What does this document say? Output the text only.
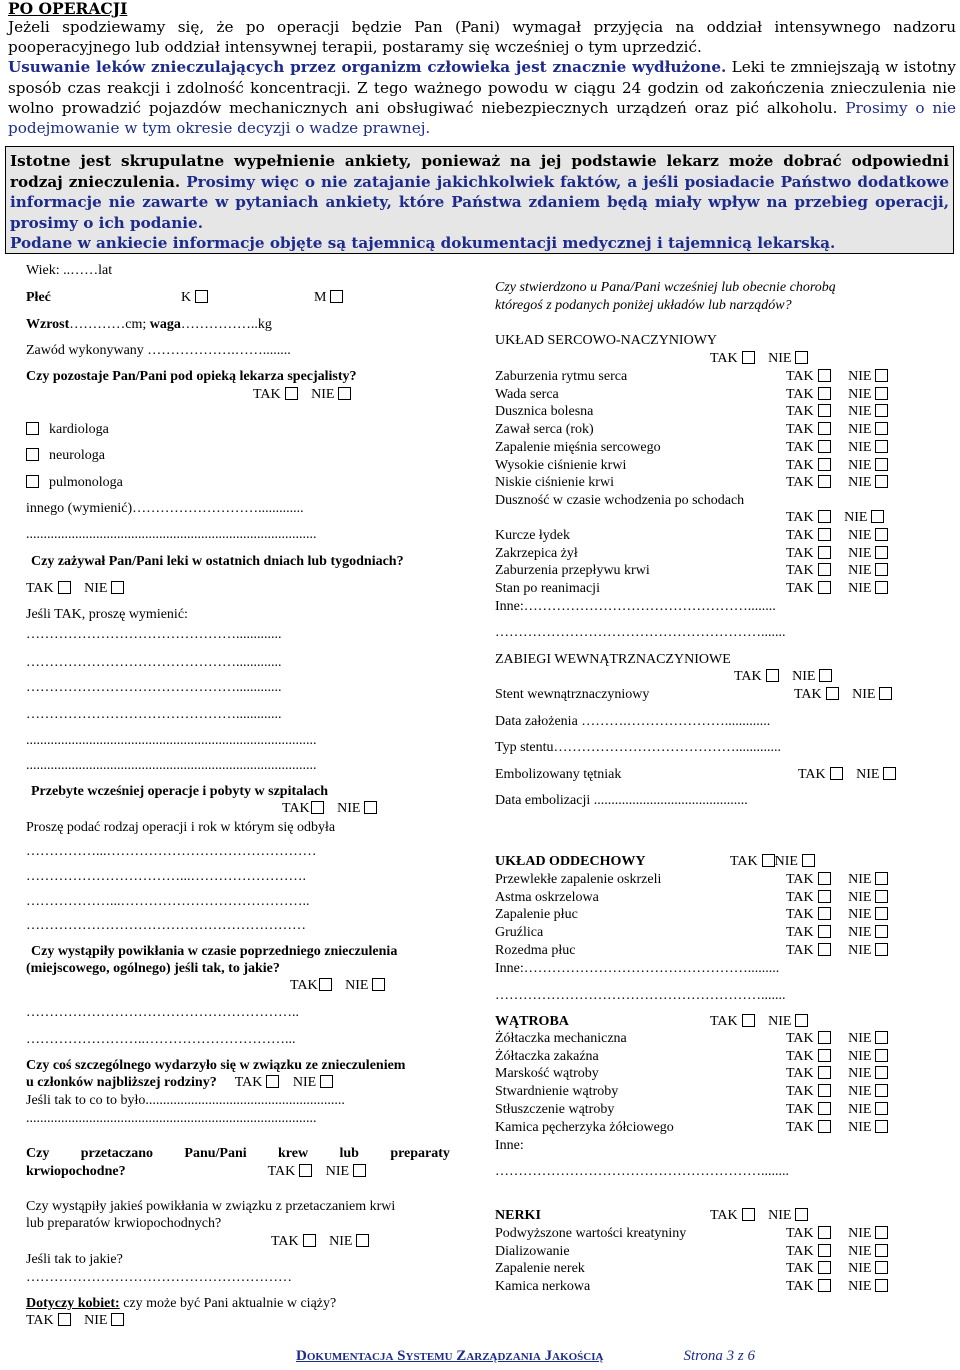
PO OPERACJI

Jeżeli spodziewamy się, że po operacji będzie Pan (Pani) wymagał przyjęcia na oddział intensywnego nadzoru pooperacyjnego lub oddział intensywnej terapii, postaramy się wcześniej o tym uprzedzić.

Usuwanie leków znieczulających przez organizm człowieka jest znacznie wydłużone. Leki te zmniejszają w istotny sposób czas reakcji i zdolność koncentracji. Z tego ważnego powodu w ciągu 24 godzin od zakończenia znieczulenia nie wolno prowadzić pojazdów mechanicznych ani obsługiwać niebezpiecznych urządzeń oraz pić alkoholu. Prosimy o nie podejmowanie w tym okresie decyzji o wadze prawnej.

Istotne jest skrupulatne wypełnienie ankiety, ponieważ na jej podstawie lekarz może dobrać odpowiedni rodzaj znieczulenia. Prosimy więc o nie zatajanie jakichkolwiek faktów, a jeśli posiadacie Państwo dodatkowe informacje nie zawarte w pytaniach ankiety, które Państwa zdaniem będą miały wpływ na przebieg operacji, prosimy o ich podanie.
Podane w ankiecie informacje objęte są tajemnicą dokumentacji medycznej i tajemnicą lekarską.
Wiek: ..……lat
Płeć	K	M
Wzrost…………cm; waga……………..kg
Zawód wykonywany ……………….……........
Czy pozostaje Pan/Pani pod opieką lekarza specjalisty?
TAK NIE
kardiologa
neurologa
pulmonologa
innego (wymienić)……………………….............
...................................................................................
Czy zażywał Pan/Pani leki w ostatnich dniach lub tygodniach?
TAK NIE
Jeśli TAK, proszę wymienić:
……………………………………….............
……………………………………….............
……………………………………….............
……………………………………….............
...................................................................................
...................................................................................
Przebyte wcześniej operacje i pobyty w szpitalach
TAK NIE
Proszę podać rodzaj operacji i rok w którym się odbyła
……………...………………………………………
……………………………...…………………….
………………...…………………………………..
……………………………………………………
Czy wystąpiły powikłania w czasie poprzedniego znieczulenia
(miejscowego, ogólnego) jeśli tak, to jakie?
TAK NIE
…………………………………………………..
……………………..…………………………...
Czy coś szczególnego wydarzyło się w związku ze znieczuleniem
u członków najbliższej rodziny? TAK NIE
Jeśli tak to co to było.........................................................
...................................................................................
Czy przetaczano Panu/Pani krew lub preparaty
krwiopochodne?	TAK NIE
Czy wystąpiły jakieś powikłania w związku z przetaczaniem krwi
lub preparatów krwiopochodnych?
TAK NIE
Jeśli tak to jakie?
…………………………………………………
Dotyczy kobiet: czy może być Pani aktualnie w ciąży?
TAK NIE
Czy stwierdzono u Pana/Pani wcześniej lub obecnie chorobą
któregoś z podanych poniżej układów lub narządów?
UKŁAD SERCOWO-NACZYNIOWY
TAK NIE
Zaburzenia rytmu serca	TAK NIE
Wada serca	TAK NIE
Dusznica bolesna	TAK NIE
Zawał serca (rok)	TAK NIE
Zapalenie mięśnia sercowego	TAK NIE
Wysokie ciśnienie krwi	TAK NIE
Niskie ciśnienie krwi	TAK NIE
Duszność w czasie wchodzenia po schodach
TAK NIE
Kurcze łydek	TAK NIE
Zakrzepica żył	TAK NIE
Zaburzenia przepływu krwi	TAK NIE
Stan po reanimacji	TAK NIE
Inne:…………………………………………........
………………………………………………….......
ZABIEGI WEWNĄTRZNACZYNIOWE
TAK NIE
Stent wewnątrznaczyniowy	TAK NIE
Data założenia ……….………………….............
Typ stentu………………………………….............
Embolizowany tętniak	TAK NIE
Data embolizacji ............................................
UKŁAD ODDECHOWY	TAK NIE
Przewlekłe zapalenie oskrzeli	TAK NIE
Astma oskrzelowa	TAK NIE
Zapalenie płuc	TAK NIE
Gruźlica	TAK NIE
Rozedma płuc	TAK NIE
Inne:………………………………………….........
………………………………………………….......
WĄTROBA	TAK NIE
Żółtaczka mechaniczna	TAK NIE
Żółtaczka zakaźna	TAK NIE
Marskość wątroby	TAK NIE
Stwardnienie wątroby	TAK NIE
Stłuszczenie wątroby	TAK NIE
Kamica pęcherzyka żółciowego	TAK NIE
Inne:
…………………………………………………........
NERKI	TAK NIE
Podwyższone wartości kreatyniny	TAK NIE
Dializowanie	TAK NIE
Zapalenie nerek	TAK NIE
Kamica nerkowa	TAK NIE
Dokumentacja Systemu Zarządzania Jakością	Strona 3 z 6
